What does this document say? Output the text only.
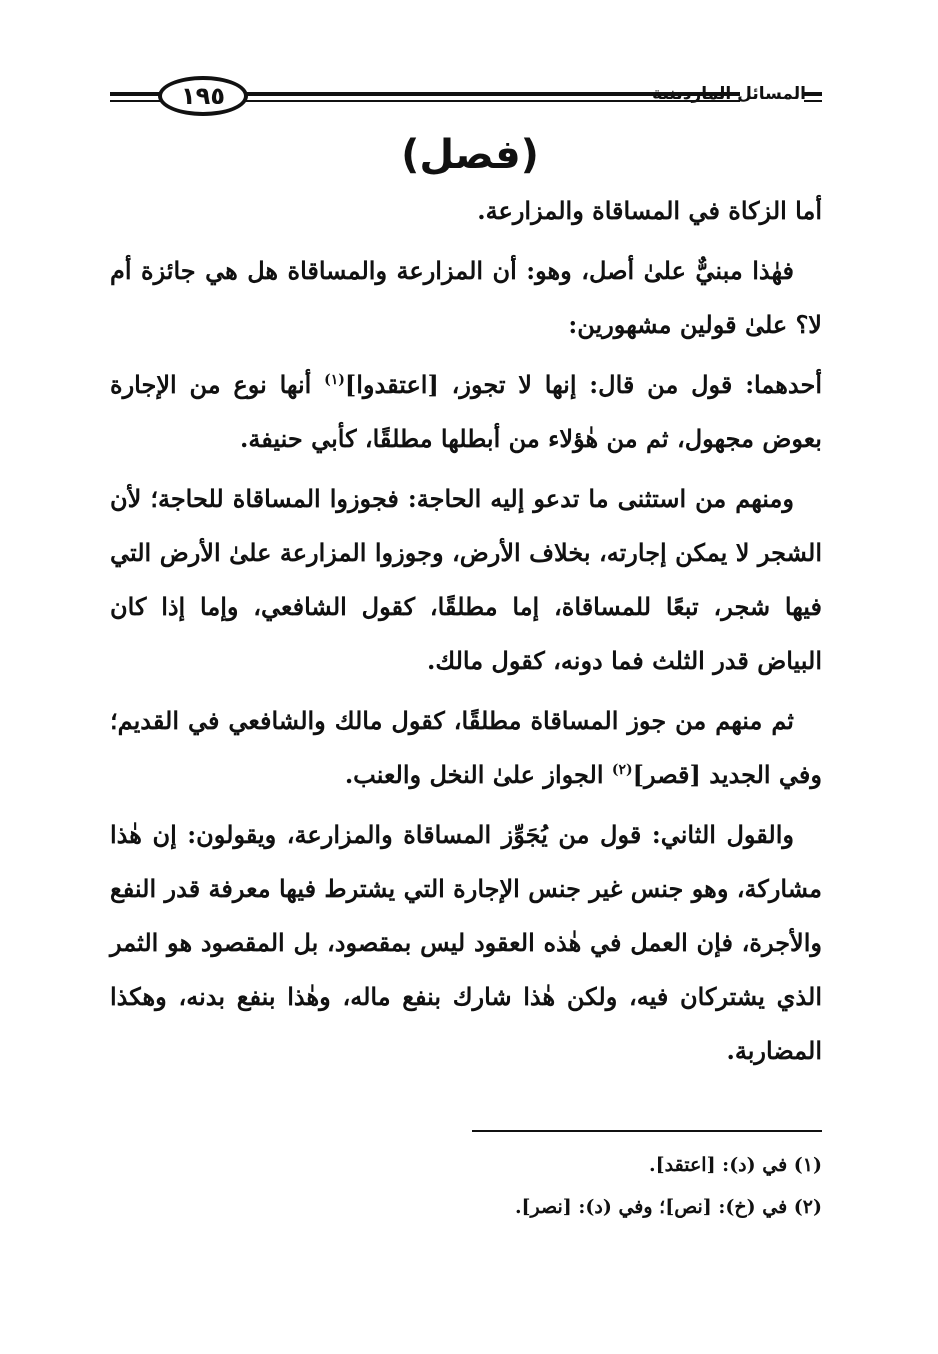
١٩٥	المسائل الماردينية
(فصل)

أما الزكاة في المساقاة والمزارعة.

فهٰذا مبنيٌّ علىٰ أصل، وهو: أن المزارعة والمساقاة هل هي جائزة أم لا؟ علىٰ قولين مشهورين:

أحدهما: قول من قال: إنها لا تجوز، [اعتقدوا]$^{(١)}$ أنها نوع من الإجارة بعوض مجهول، ثم من هٰؤلاء من أبطلها مطلقًا، كأبي حنيفة.

ومنهم من استثنى ما تدعو إليه الحاجة: فجوزوا المساقاة للحاجة؛ لأن الشجر لا يمكن إجارته، بخلاف الأرض، وجوزوا المزارعة علىٰ الأرض التي فيها شجر، تبعًا للمساقاة، إما مطلقًا، كقول الشافعي، وإما إذا كان البياض قدر الثلث فما دونه، كقول مالك.

ثم منهم من جوز المساقاة مطلقًا، كقول مالك والشافعي في القديم؛ وفي الجديد [قصر]$^{(٢)}$ الجواز علىٰ النخل والعنب.

والقول الثاني: قول من يُجَوِّز المساقاة والمزارعة، ويقولون: إن هٰذا مشاركة، وهو جنس غير جنس الإجارة التي يشترط فيها معرفة قدر النفع والأجرة، فإن العمل في هٰذه العقود ليس بمقصود، بل المقصود هو الثمر الذي يشتركان فيه، ولكن هٰذا شارك بنفع ماله، وهٰذا بنفع بدنه، وهكذا المضاربة.

(١) في (د): [اعتقد].
(٢) في (خ): [نص]؛ وفي (د): [نصر].
